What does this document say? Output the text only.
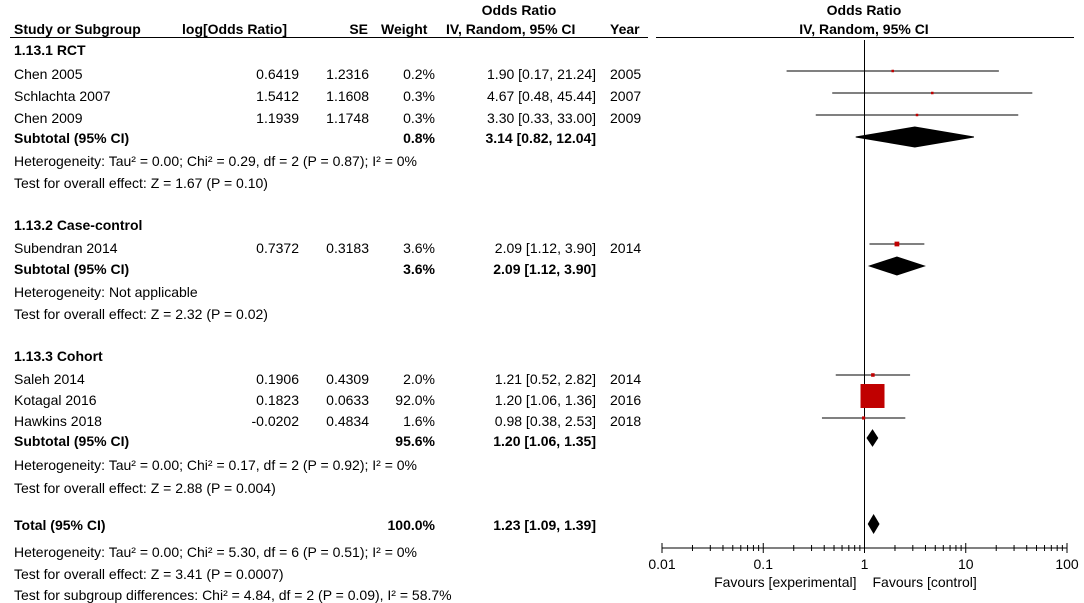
Study or Subgroup	log[Odds Ratio]	SE Weight
Odds Ratio
IV, Random, 95% CI Year
Odds Ratio
IV, Random, 95% CI
1.13.1 RCT
Chen 2005	0.6419	1.2316	0.2%	1.90 [0.17, 21.24] 2005
Schlachta 2007	1.5412	1.1608	0.3%	4.67 [0.48, 45.44] 2007
Chen 2009	1.1939	1.1748	0.3%	3.30 [0.33, 33.00] 2009
Subtotal (95% CI)	0.8%	3.14 [0.82, 12.04]
Heterogeneity: Tau² = 0.00; Chi² = 0.29, df = 2 (P = 0.87); I² = 0%
Test for overall effect: Z = 1.67 (P = 0.10)
1.13.2 Case-control
Subendran 2014	0.7372	0.3183	3.6%	2.09 [1.12, 3.90] 2014
Subtotal (95% CI)	3.6%	2.09 [1.12, 3.90]
Heterogeneity: Not applicable
Test for overall effect: Z = 2.32 (P = 0.02)
1.13.3 Cohort
Saleh 2014	0.1906	0.4309	2.0%	1.21 [0.52, 2.82] 2014
Kotagal 2016	0.1823	0.0633	92.0%	1.20 [1.06, 1.36] 2016
Hawkins 2018	-0.0202	0.4834	1.6%	0.98 [0.38, 2.53] 2018
Subtotal (95% CI)	95.6%	1.20 [1.06, 1.35]
Heterogeneity: Tau² = 0.00; Chi² = 0.17, df = 2 (P = 0.92); I² = 0%
Test for overall effect: Z = 2.88 (P = 0.004)
Total (95% CI)	100.0%	1.23 [1.09, 1.39]
Heterogeneity: Tau² = 0.00; Chi² = 5.30, df = 6 (P = 0.51); I² = 0%
Test for overall effect: Z = 3.41 (P = 0.0007)
Test for subgroup differences: Chi² = 4.84, df = 2 (P = 0.09), I² = 58.7%
0.01	0.1	1	10	100
Favours [experimental] Favours [control]
